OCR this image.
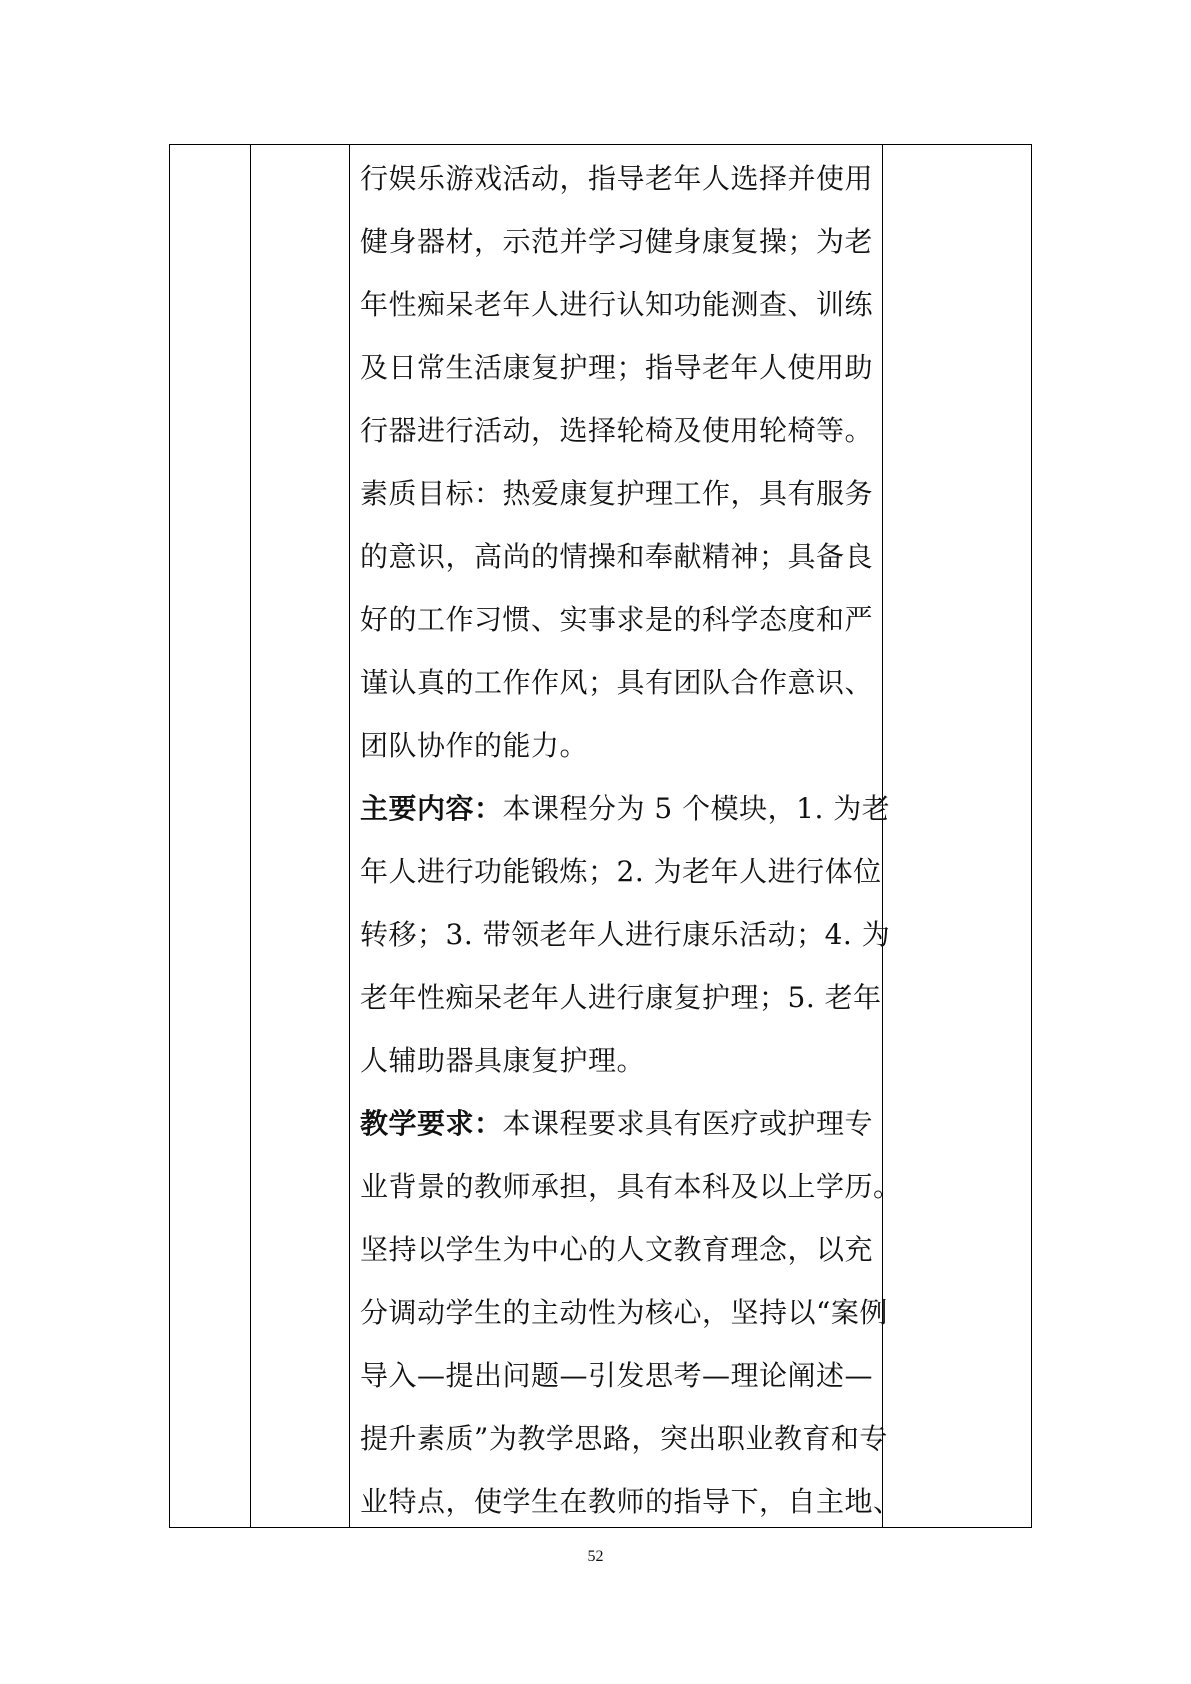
行娱乐游戏活动，指导老年人选择并使用
健身器材，示范并学习健身康复操；为老
年性痴呆老年人进行认知功能测查、训练
及日常生活康复护理；指导老年人使用助
行器进行活动，选择轮椅及使用轮椅等。
素质目标：热爱康复护理工作，具有服务
的意识，高尚的情操和奉献精神；具备良
好的工作习惯、实事求是的科学态度和严
谨认真的工作作风；具有团队合作意识、
团队协作的能力。
主要内容：本课程分为 5 个模块，1. 为老
年人进行功能锻炼；2. 为老年人进行体位
转移；3. 带领老年人进行康乐活动；4. 为
老年性痴呆老年人进行康复护理；5. 老年
人辅助器具康复护理。
教学要求：本课程要求具有医疗或护理专
业背景的教师承担，具有本科及以上学历。
坚持以学生为中心的人文教育理念，以充
分调动学生的主动性为核心，坚持以“案例
导入—提出问题—引发思考—理论阐述—
提升素质”为教学思路，突出职业教育和专
业特点，使学生在教师的指导下，自主地、
52
